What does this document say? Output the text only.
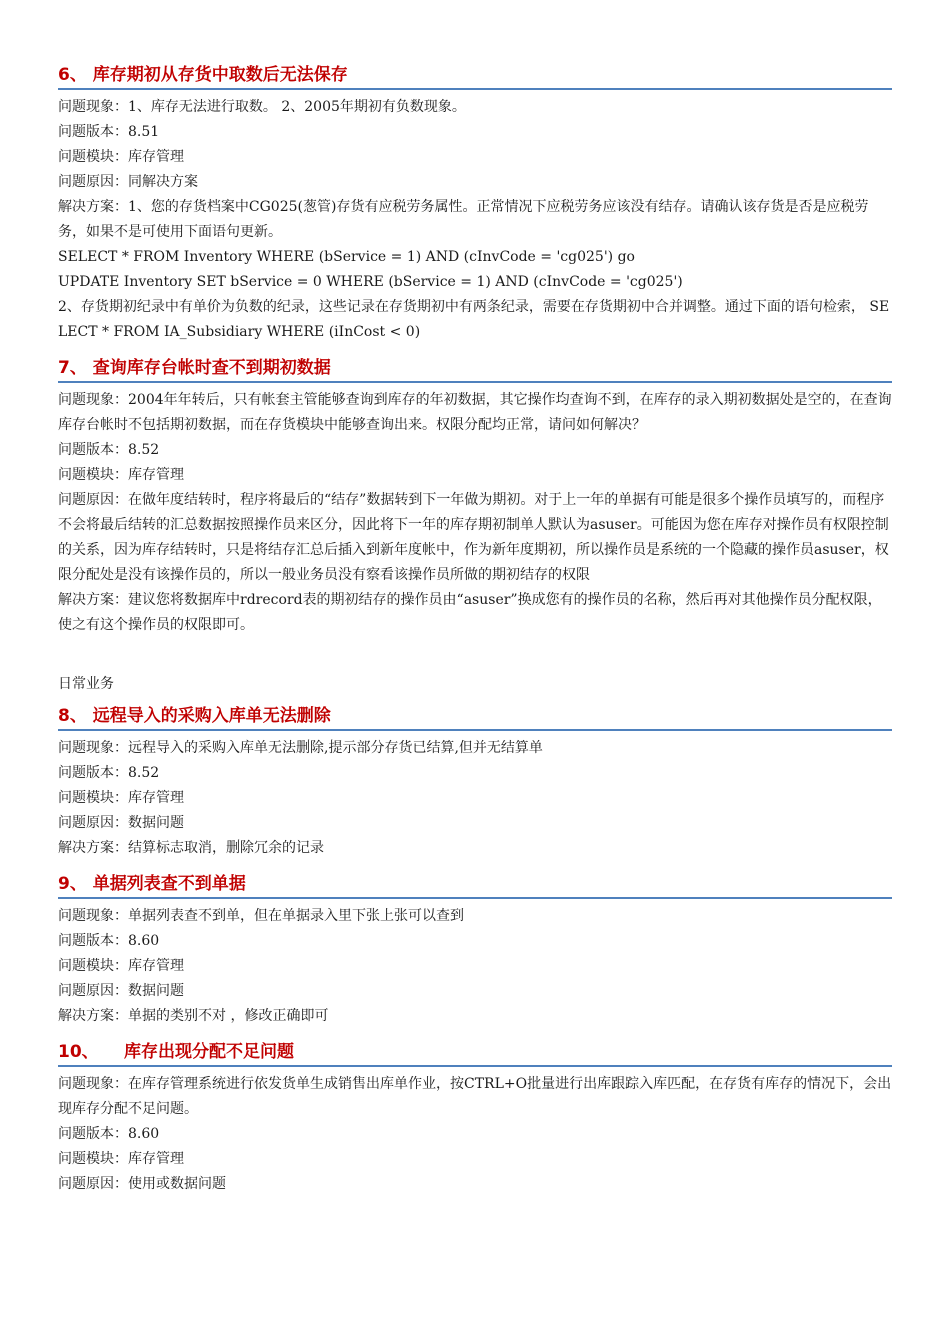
6、 库存期初从存货中取数后无法保存

问题现象：1、库存无法进行取数。 2、2005年期初有负数现象。

问题版本：8.51

问题模块：库存管理

问题原因：同解决方案

解决方案：1、您的存货档案中CG025(葱管)存货有应税劳务属性。正常情况下应税劳务应该没有结存。请确认该存货是否是应税劳务，如果不是可使用下面语句更新。

SELECT * FROM Inventory WHERE (bService = 1) AND (cInvCode = 'cg025') go

UPDATE Inventory SET bService = 0 WHERE (bService = 1) AND (cInvCode = 'cg025')

2、存货期初纪录中有单价为负数的纪录，这些记录在存货期初中有两条纪录，需要在存货期初中合并调整。通过下面的语句检索， SELECT * FROM IA_Subsidiary WHERE (iInCost < 0)

7、 查询库存台帐时查不到期初数据

问题现象：2004年年转后，只有帐套主管能够查询到库存的年初数据，其它操作均查询不到，在库存的录入期初数据处是空的，在查询库存台帐时不包括期初数据，而在存货模块中能够查询出来。权限分配均正常，请问如何解决？

问题版本：8.52

问题模块：库存管理

问题原因：在做年度结转时，程序将最后的“结存”数据转到下一年做为期初。对于上一年的单据有可能是很多个操作员填写的，而程序不会将最后结转的汇总数据按照操作员来区分，因此将下一年的库存期初制单人默认为asuser。可能因为您在库存对操作员有权限控制的关系，因为库存结转时，只是将结存汇总后插入到新年度帐中，作为新年度期初，所以操作员是系统的一个隐藏的操作员asuser，权限分配处是没有该操作员的，所以一般业务员没有察看该操作员所做的期初结存的权限

解决方案：建议您将数据库中rdrecord表的期初结存的操作员由“asuser”换成您有的操作员的名称，然后再对其他操作员分配权限，使之有这个操作员的权限即可。

日常业务

8、 远程导入的采购入库单无法删除

问题现象：远程导入的采购入库单无法删除,提示部分存货已结算,但并无结算单

问题版本：8.52

问题模块：库存管理

问题原因：数据问题

解决方案：结算标志取消，删除冗余的记录

9、 单据列表查不到单据

问题现象：单据列表查不到单，但在单据录入里下张上张可以查到

问题版本：8.60

问题模块：库存管理

问题原因：数据问题

解决方案：单据的类别不对 ，修改正确即可

10、 库存出现分配不足问题

问题现象：在库存管理系统进行依发货单生成销售出库单作业，按CTRL+O批量进行出库跟踪入库匹配，在存货有库存的情况下，会出现库存分配不足问题。

问题版本：8.60

问题模块：库存管理

问题原因：使用或数据问题
